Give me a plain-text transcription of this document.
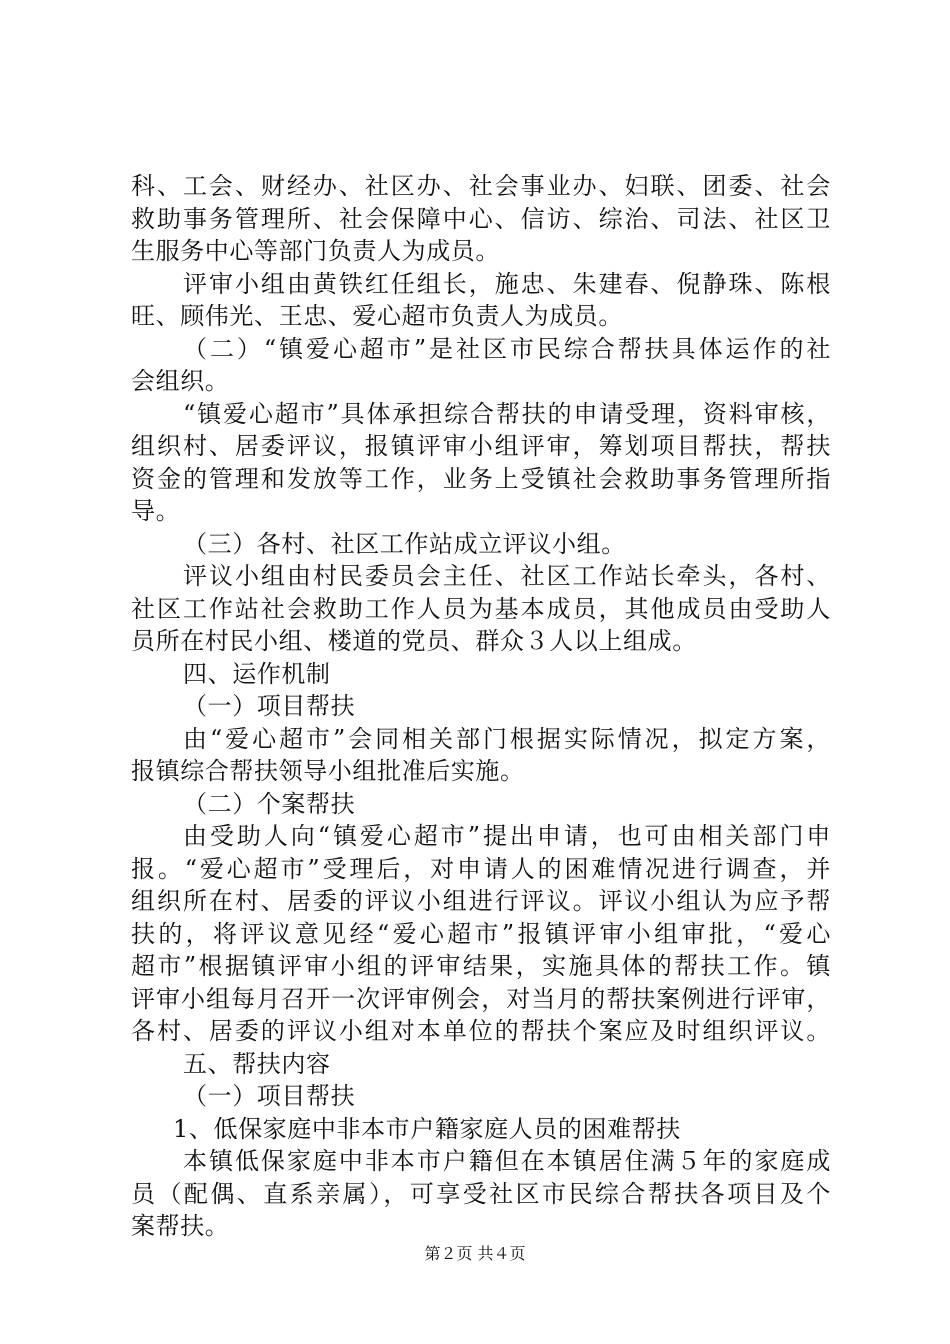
科、工会、财经办、社区办、社会事业办、妇联、团委、社会
救助事务管理所、社会保障中心、信访、综治、司法、社区卫
生服务中心等部门负责人为成员。
评审小组由黄铁红任组长，施忠、朱建春、倪静珠、陈根
旺、顾伟光、王忠、爱心超市负责人为成员。
（二）“镇爱心超市”是社区市民综合帮扶具体运作的社
会组织。
“镇爱心超市”具体承担综合帮扶的申请受理，资料审核，
组织村、居委评议，报镇评审小组评审，筹划项目帮扶，帮扶
资金的管理和发放等工作，业务上受镇社会救助事务管理所指
导。
（三）各村、社区工作站成立评议小组。
评议小组由村民委员会主任、社区工作站长牵头，各村、
社区工作站社会救助工作人员为基本成员，其他成员由受助人
员所在村民小组、楼道的党员、群众３人以上组成。
四、运作机制
（一）项目帮扶
由“爱心超市”会同相关部门根据实际情况，拟定方案，
报镇综合帮扶领导小组批准后实施。
（二）个案帮扶
由受助人向“镇爱心超市”提出申请，也可由相关部门申
报。“爱心超市”受理后，对申请人的困难情况进行调查，并
组织所在村、居委的评议小组进行评议。评议小组认为应予帮
扶的，将评议意见经“爱心超市”报镇评审小组审批，“爱心
超市”根据镇评审小组的评审结果，实施具体的帮扶工作。镇
评审小组每月召开一次评审例会，对当月的帮扶案例进行评审，
各村、居委的评议小组对本单位的帮扶个案应及时组织评议。
五、帮扶内容
（一）项目帮扶
1、低保家庭中非本市户籍家庭人员的困难帮扶
本镇低保家庭中非本市户籍但在本镇居住满５年的家庭成
员（配偶、直系亲属），可享受社区市民综合帮扶各项目及个
案帮扶。
第２页 共４页
